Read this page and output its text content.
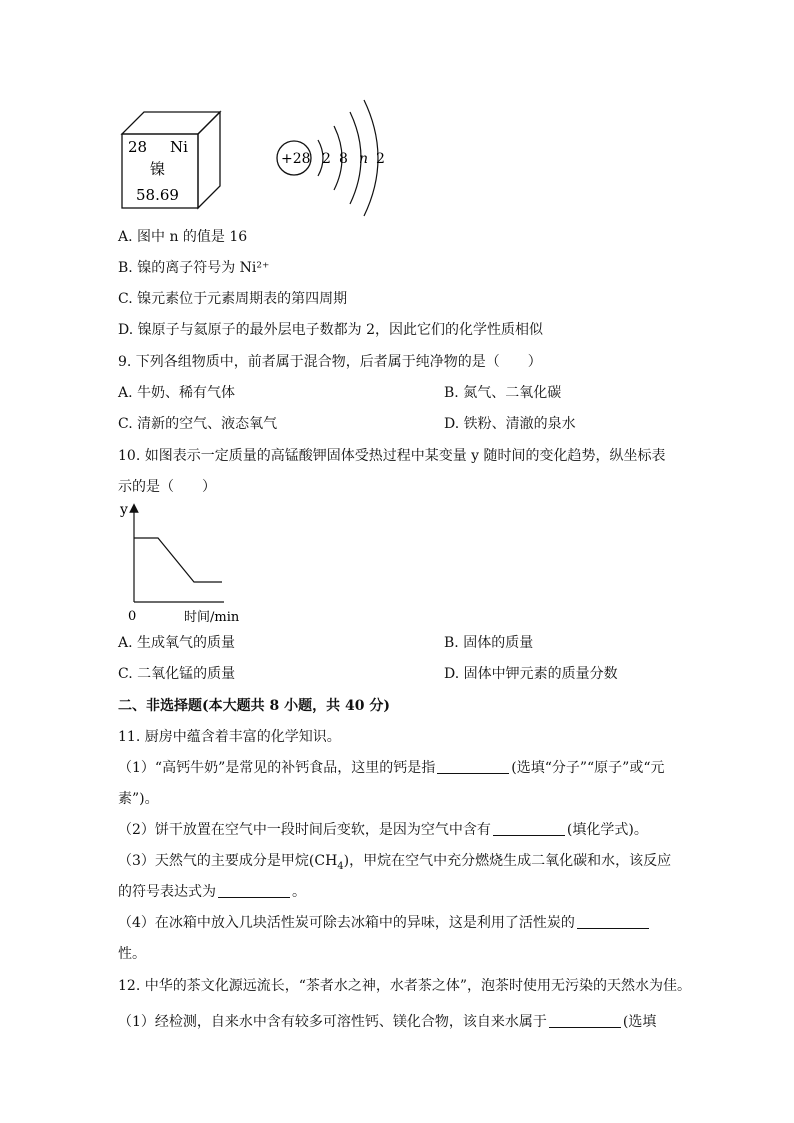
28 Ni
镍
58.69
+28 2 8 n 2
A. 图中 n 的值是 16
B. 镍的离子符号为 Ni²⁺
C. 镍元素位于元素周期表的第四周期
D. 镍原子与氦原子的最外层电子数都为 2，因此它们的化学性质相似
9. 下列各组物质中，前者属于混合物，后者属于纯净物的是（　　）
A. 牛奶、稀有气体	B. 氮气、二氧化碳
C. 清新的空气、液态氧气	D. 铁粉、清澈的泉水
10. 如图表示一定质量的高锰酸钾固体受热过程中某变量 y 随时间的变化趋势，纵坐标表
示的是（　　）
y
0	时间/min
A. 生成氧气的质量	B. 固体的质量
C. 二氧化锰的质量	D. 固体中钾元素的质量分数
二、非选择题(本大题共 8 小题，共 40 分)
11. 厨房中蕴含着丰富的化学知识。
（1）“高钙牛奶”是常见的补钙食品，这里的钙是指	(选填“分子”“原子”或“元
素”)。
（2）饼干放置在空气中一段时间后变软，是因为空气中含有	(填化学式)。
（3）天然气的主要成分是甲烷$(CH_4)$，甲烷在空气中充分燃烧生成二氧化碳和水，该反应
的符号表达式为	。
（4）在冰箱中放入几块活性炭可除去冰箱中的异味，这是利用了活性炭的
性。
12. 中华的茶文化源远流长，“茶者水之神，水者茶之体”，泡茶时使用无污染的天然水为佳。
（1）经检测，自来水中含有较多可溶性钙、镁化合物，该自来水属于	(选填
